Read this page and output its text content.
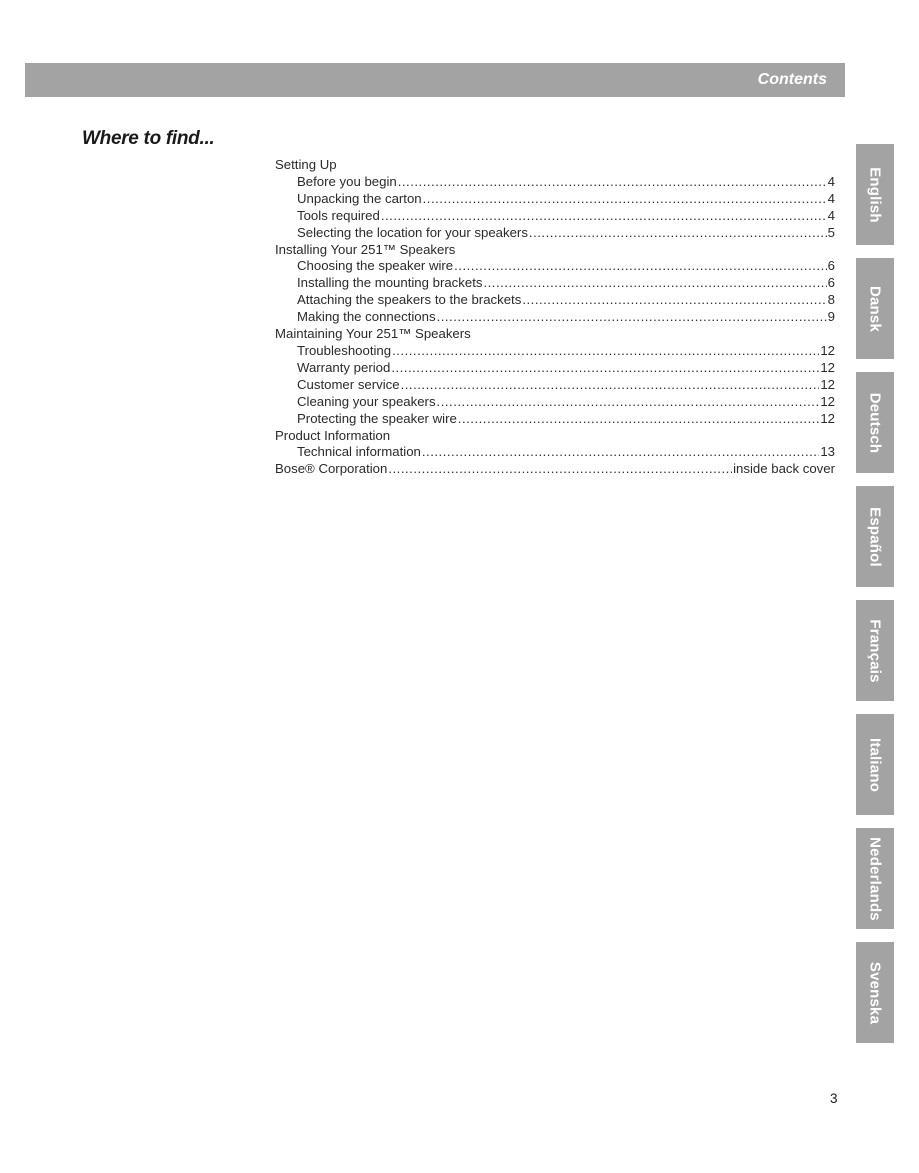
Contents
Where to find...
Setting Up
Before you begin .....	4
Unpacking the carton .....	4
Tools required .....	4
Selecting the location for your speakers .....	5
Installing Your 251™ Speakers
Choosing the speaker wire .....	6
Installing the mounting brackets .....	6
Attaching the speakers to the brackets .....	8
Making the connections .....	9
Maintaining Your 251™ Speakers
Troubleshooting .....	12
Warranty period .....	12
Customer service .....	12
Cleaning your speakers .....	12
Protecting the speaker wire .....	12
Product Information
Technical information .....	13
Bose® Corporation .....	inside back cover
English
Dansk
Deutsch
Español
Français
Italiano
Nederlands
Svenska
3
